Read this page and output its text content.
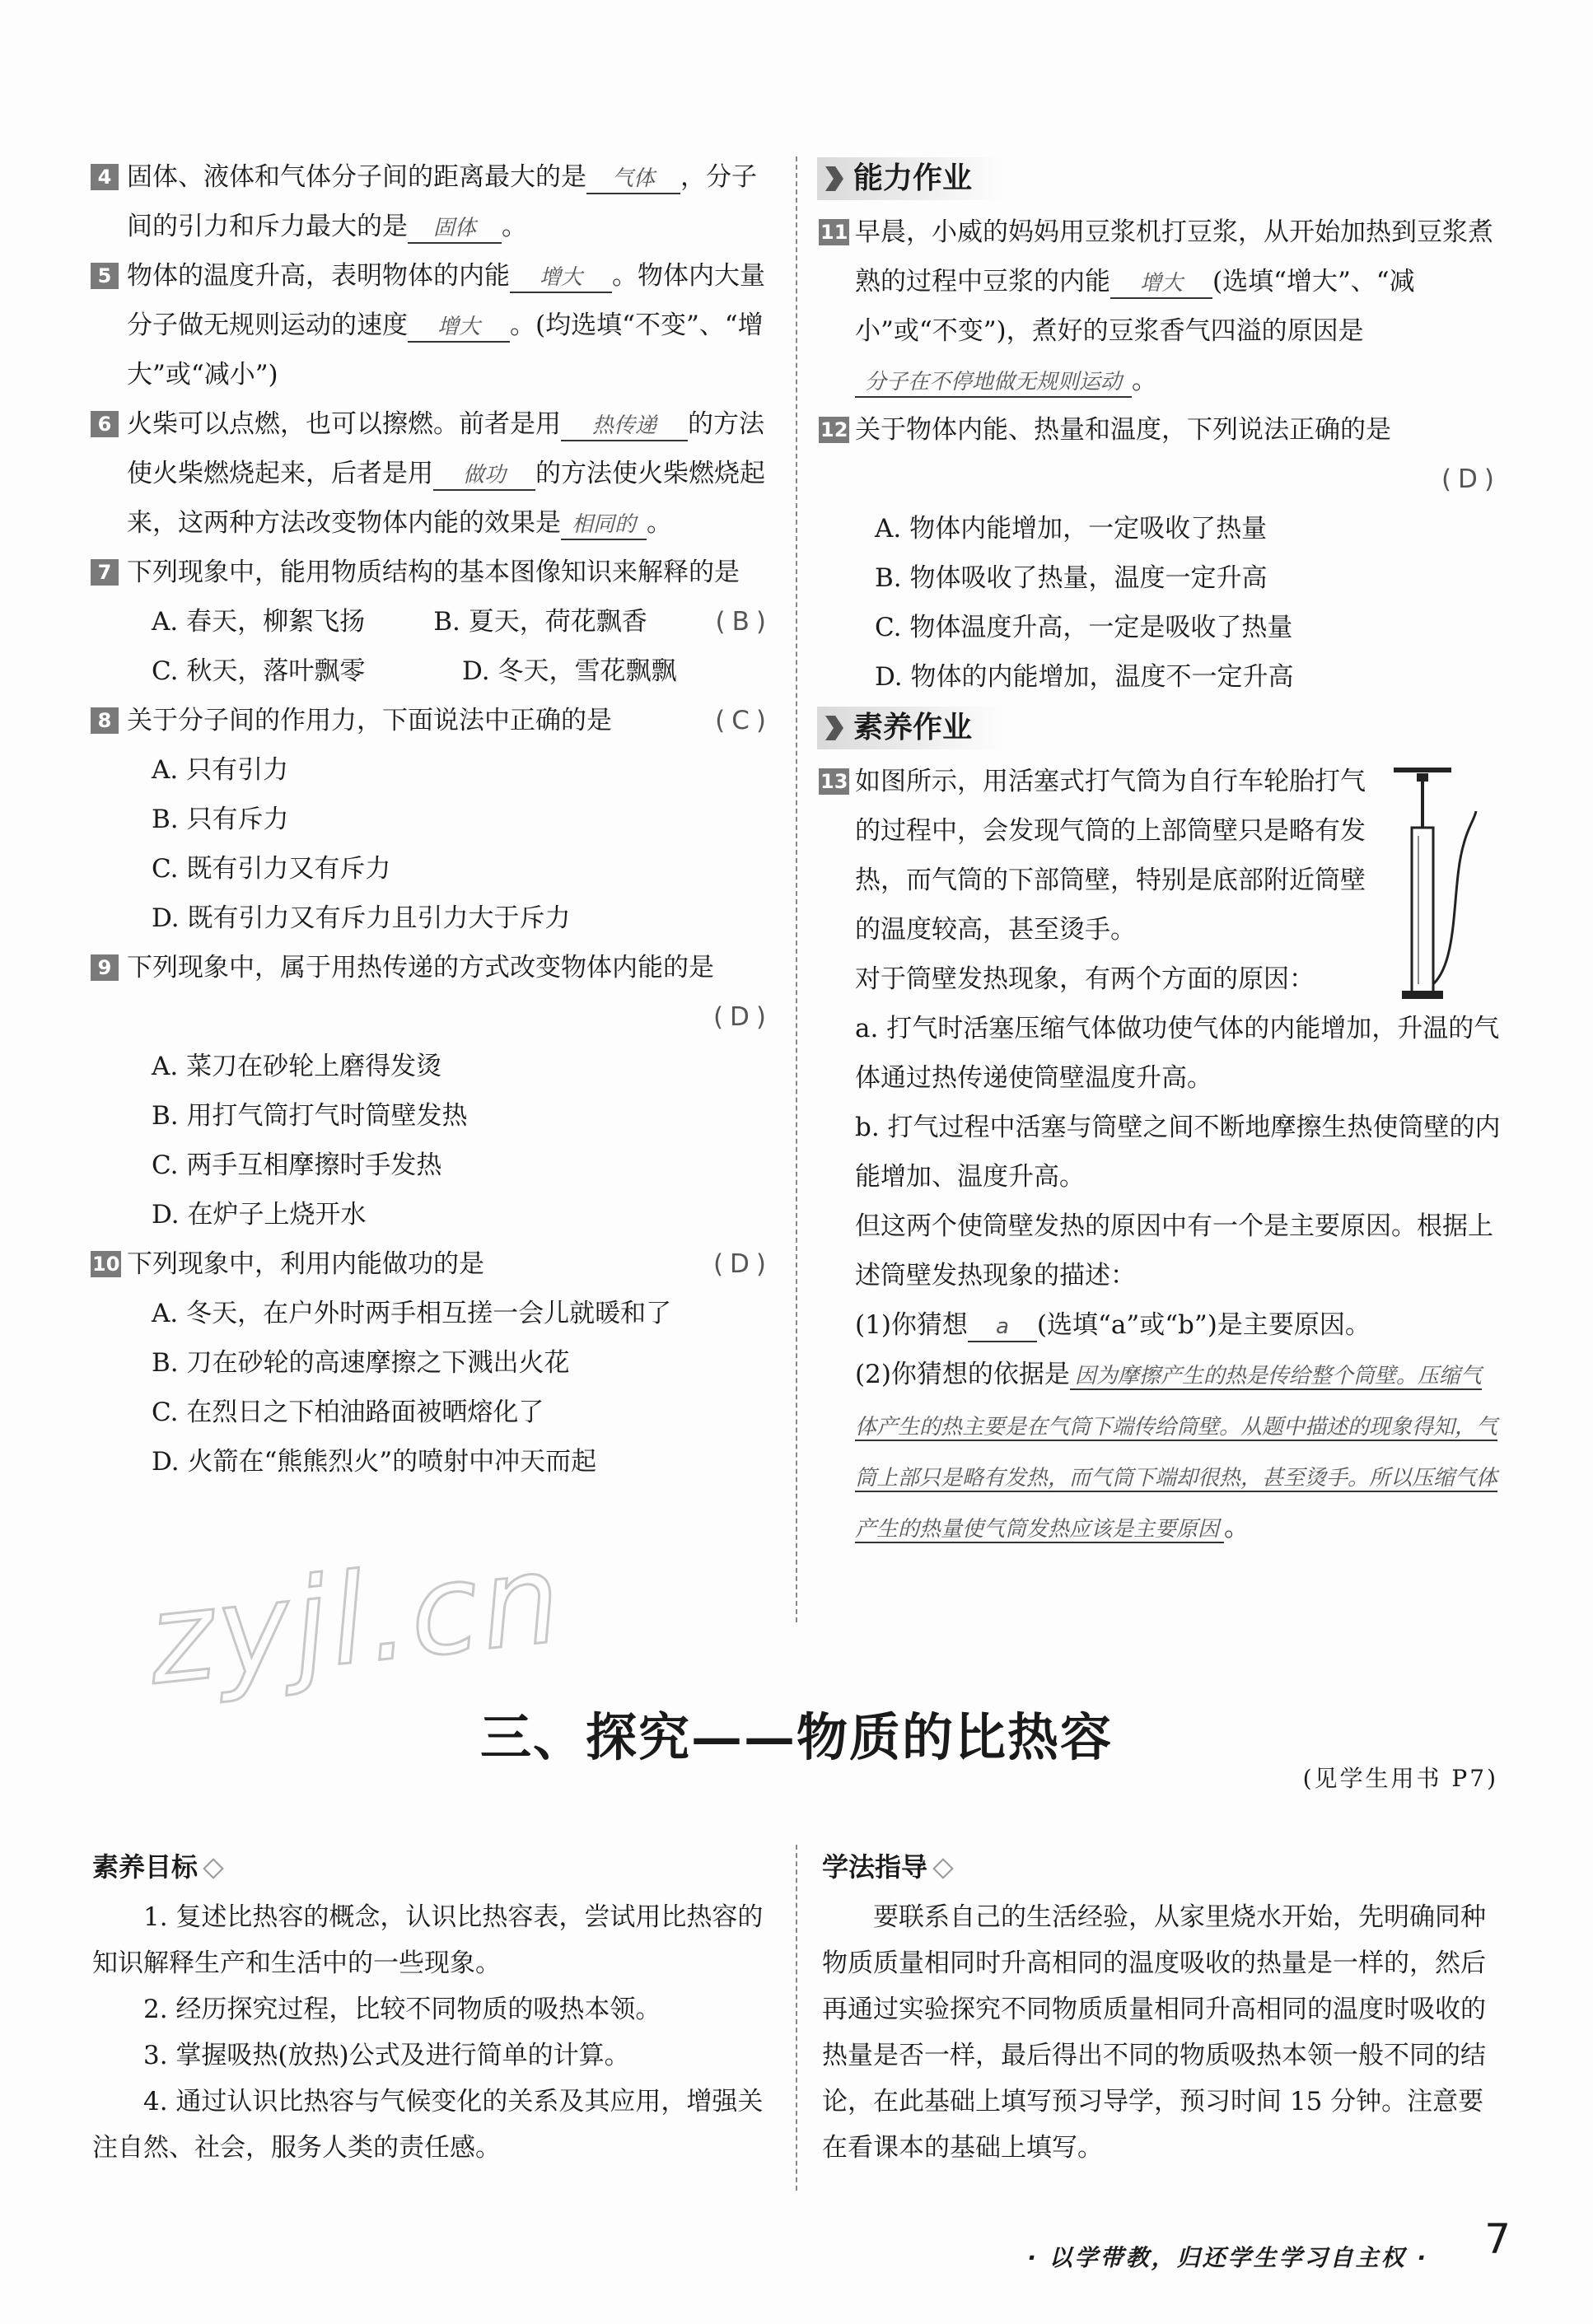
4 固体、液体和气体分子间的距离最大的是 气体 ，分子间的引力和斥力最大的是 固体 。
5 物体的温度升高，表明物体的内能 增大 。物体内大量分子做无规则运动的速度 增大 。(均选填“不变”、“增大”或“减小”)
6 火柴可以点燃，也可以擦燃。前者是用 热传递 的方法使火柴燃烧起来，后者是用 做功 的方法使火柴燃烧起来，这两种方法改变物体内能的效果是 相同的 。
7 下列现象中，能用物质结构的基本图像知识来解释的是
(B)
A. 春天，柳絮飞扬	B. 夏天，荷花飘香
C. 秋天，落叶飘零	D. 冬天，雪花飘飘
8 关于分子间的作用力，下面说法中正确的是	(C)
A. 只有引力
B. 只有斥力
C. 既有引力又有斥力
D. 既有引力又有斥力且引力大于斥力
9 下列现象中，属于用热传递的方式改变物体内能的是
(D)
A. 菜刀在砂轮上磨得发烫
B. 用打气筒打气时筒壁发热
C. 两手互相摩擦时手发热
D. 在炉子上烧开水
10 下列现象中，利用内能做功的是	(D)
A. 冬天，在户外时两手相互搓一会儿就暖和了
B. 刀在砂轮的高速摩擦之下溅出火花
C. 在烈日之下柏油路面被晒熔化了
D. 火箭在“熊熊烈火”的喷射中冲天而起
能力作业
11 早晨，小威的妈妈用豆浆机打豆浆，从开始加热到豆浆煮熟的过程中豆浆的内能 增大 (选填“增大”、“减小”或“不变”)，煮好的豆浆香气四溢的原因是分子在不停地做无规则运动 。
12 关于物体内能、热量和温度，下列说法正确的是
(D)
A. 物体内能增加，一定吸收了热量
B. 物体吸收了热量，温度一定升高
C. 物体温度升高，一定是吸收了热量
D. 物体的内能增加，温度不一定升高
素养作业
13 如图所示，用活塞式打气筒为自行车轮胎打气的过程中，会发现气筒的上部筒壁只是略有发热，而气筒的下部筒壁，特别是底部附近筒壁的温度较高，甚至烫手。
对于筒壁发热现象，有两个方面的原因：
a. 打气时活塞压缩气体做功使气体的内能增加，升温的气体通过热传递使筒壁温度升高。
b. 打气过程中活塞与筒壁之间不断地摩擦生热使筒壁的内能增加、温度升高。
但这两个使筒壁发热的原因中有一个是主要原因。根据上述筒壁发热现象的描述：
(1)你猜想 a (选填“a”或“b”)是主要原因。
(2)你猜想的依据是 因为摩擦产生的热是传给整个筒壁。压缩气体产生的热主要是在气筒下端传给筒壁。从题中描述的现象得知，气筒上部只是略有发热，而气筒下端却很热，甚至烫手。所以压缩气体产生的热量使气筒发热应该是主要原因 。
zyjl.cn
三、探究——物质的比热容
(见学生用书 P7)
素养目标
1. 复述比热容的概念，认识比热容表，尝试用比热容的知识解释生产和生活中的一些现象。
2. 经历探究过程，比较不同物质的吸热本领。
3. 掌握吸热(放热)公式及进行简单的计算。
4. 通过认识比热容与气候变化的关系及其应用，增强关注自然、社会，服务人类的责任感。
学法指导
要联系自己的生活经验，从家里烧水开始，先明确同种物质质量相同时升高相同的温度吸收的热量是一样的，然后再通过实验探究不同物质质量相同升高相同的温度时吸收的热量是否一样，最后得出不同的物质吸热本领一般不同的结论，在此基础上填写预习导学，预习时间 15 分钟。注意要在看课本的基础上填写。
· 以学带教，归还学生学习自主权 · 7
